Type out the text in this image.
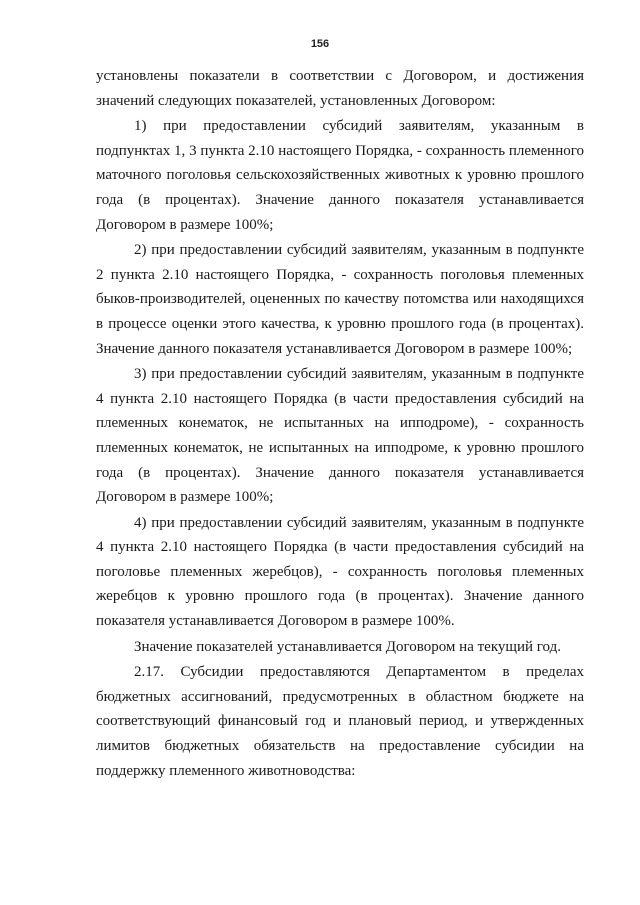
156

установлены показатели в соответствии с Договором, и достижения значений следующих показателей, установленных Договором:

1) при предоставлении субсидий заявителям, указанным в подпунктах 1, 3 пункта 2.10 настоящего Порядка, - сохранность племенного маточного поголовья сельскохозяйственных животных к уровню прошлого года (в процентах). Значение данного показателя устанавливается Договором в размере 100%;

2) при предоставлении субсидий заявителям, указанным в подпункте 2 пункта 2.10 настоящего Порядка, - сохранность поголовья племенных быков-производителей, оцененных по качеству потомства или находящихся в процессе оценки этого качества, к уровню прошлого года (в процентах). Значение данного показателя устанавливается Договором в размере 100%;

3) при предоставлении субсидий заявителям, указанным в подпункте 4 пункта 2.10 настоящего Порядка (в части предоставления субсидий на племенных конематок, не испытанных на ипподроме), - сохранность племенных конематок, не испытанных на ипподроме, к уровню прошлого года (в процентах). Значение данного показателя устанавливается Договором в размере 100%;

4) при предоставлении субсидий заявителям, указанным в подпункте 4 пункта 2.10 настоящего Порядка (в части предоставления субсидий на поголовье племенных жеребцов), - сохранность поголовья племенных жеребцов к уровню прошлого года (в процентах). Значение данного показателя устанавливается Договором в размере 100%.

Значение показателей устанавливается Договором на текущий год.

2.17. Субсидии предоставляются Департаментом в пределах бюджетных ассигнований, предусмотренных в областном бюджете на соответствующий финансовый год и плановый период, и утвержденных лимитов бюджетных обязательств на предоставление субсидии на поддержку племенного животноводства:
